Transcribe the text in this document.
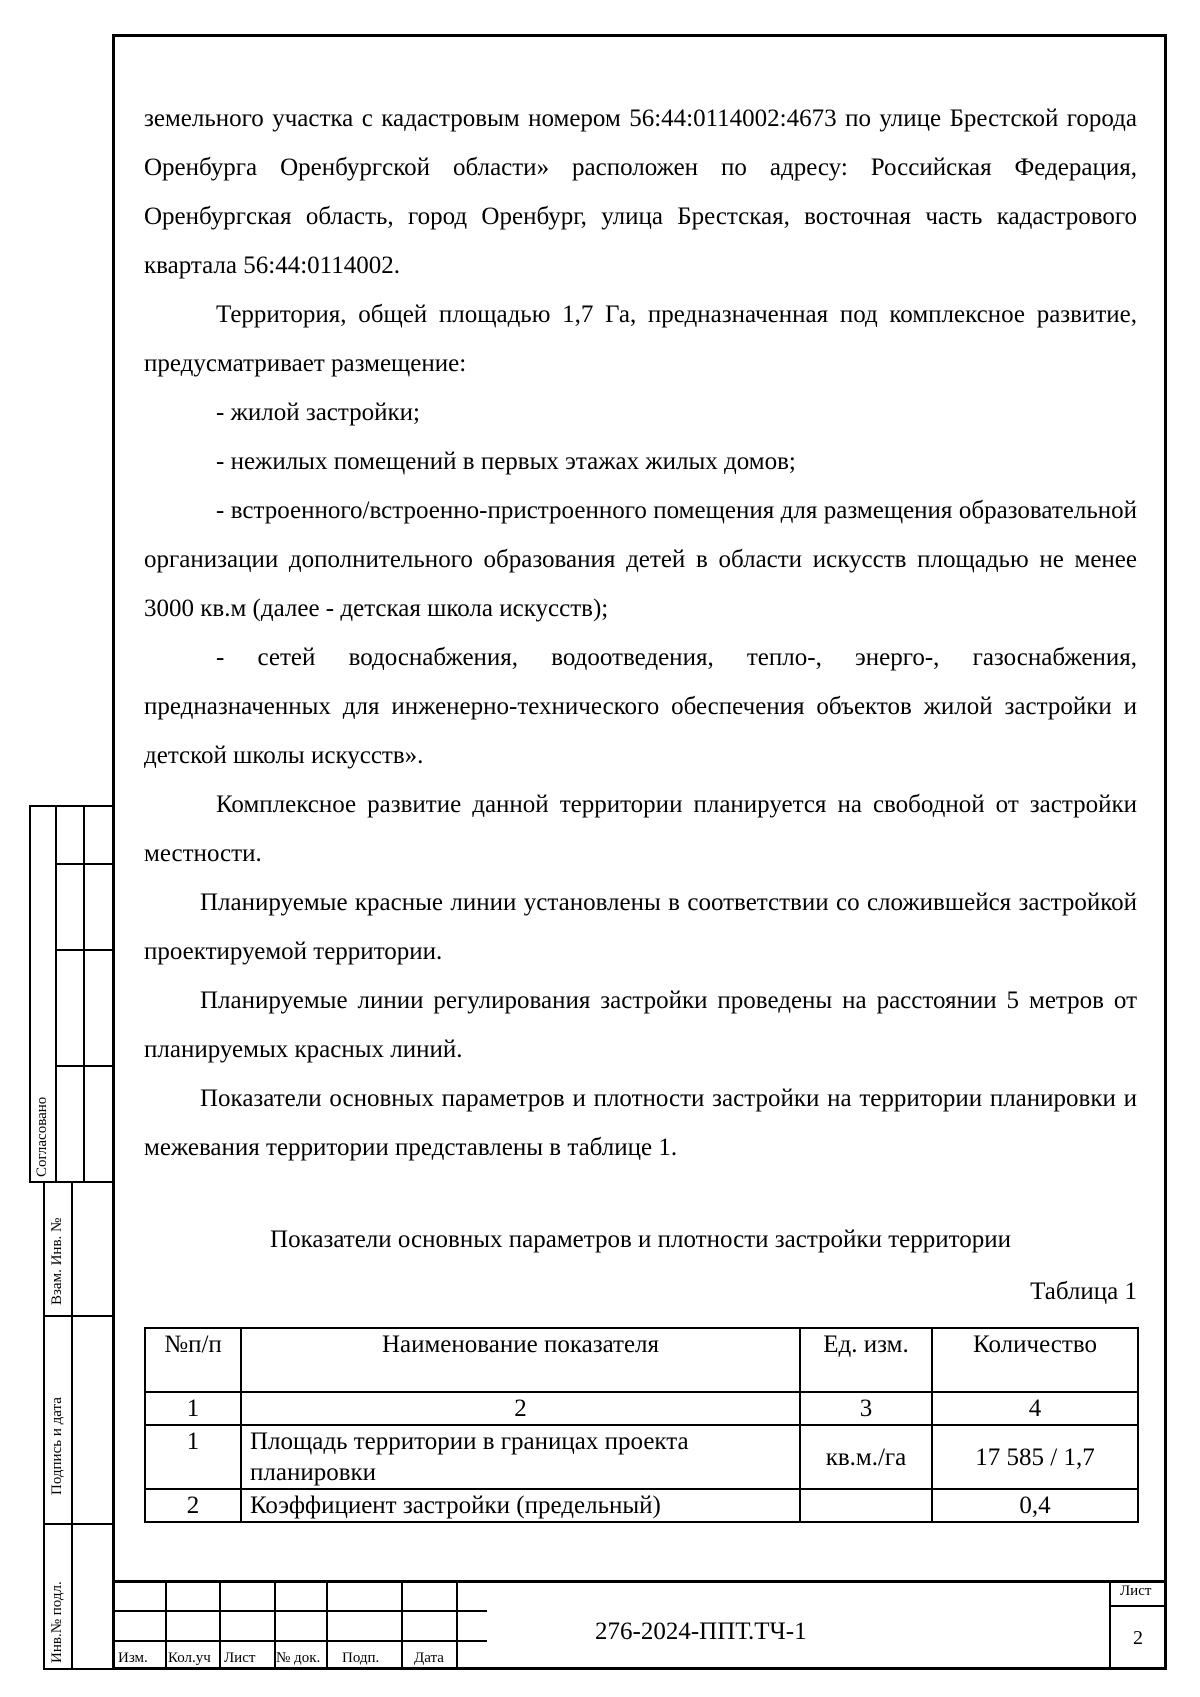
земельного участка с кадастровым номером 56:44:0114002:4673 по улице Брестской города Оренбурга Оренбургской области» расположен по адресу: Российская Федерация, Оренбургская область, город Оренбург, улица Брестская, восточная часть кадастрового квартала 56:44:0114002.

Территория, общей площадью 1,7 Га, предназначенная под комплексное развитие, предусматривает размещение:

- жилой застройки;

- нежилых помещений в первых этажах жилых домов;

- встроенного/встроенно-пристроенного помещения для размещения образовательной организации дополнительного образования детей в области искусств площадью не менее 3000 кв.м (далее - детская школа искусств);

- сетей водоснабжения, водоотведения, тепло-, энерго-, газоснабжения, предназначенных для инженерно-технического обеспечения объектов жилой застройки и детской школы искусств».

Комплексное развитие данной территории планируется на свободной от застройки местности.

Планируемые красные линии установлены в соответствии со сложившейся застройкой проектируемой территории.

Планируемые линии регулирования застройки проведены на расстоянии 5 метров от планируемых красных линий.

Показатели основных параметров и плотности застройки на территории планировки и межевания территории представлены в таблице 1.

Показатели основных параметров и плотности застройки территории
Таблица 1
№п/п	Наименование показателя	Ед. изм.	Количество
1	2	3	4
1	Площадь территории в границах проекта планировки	кв.м./га	17 585 / 1,7
2	Коэффициент застройки (предельный)		0,4
Согласовано
Взам. Инв. №
Подпись и дата
Инв.№ подл.	Изм. Кол.уч Лист № док. Подп. Дата
276-2024-ППТ.ТЧ-1
Лист
2
